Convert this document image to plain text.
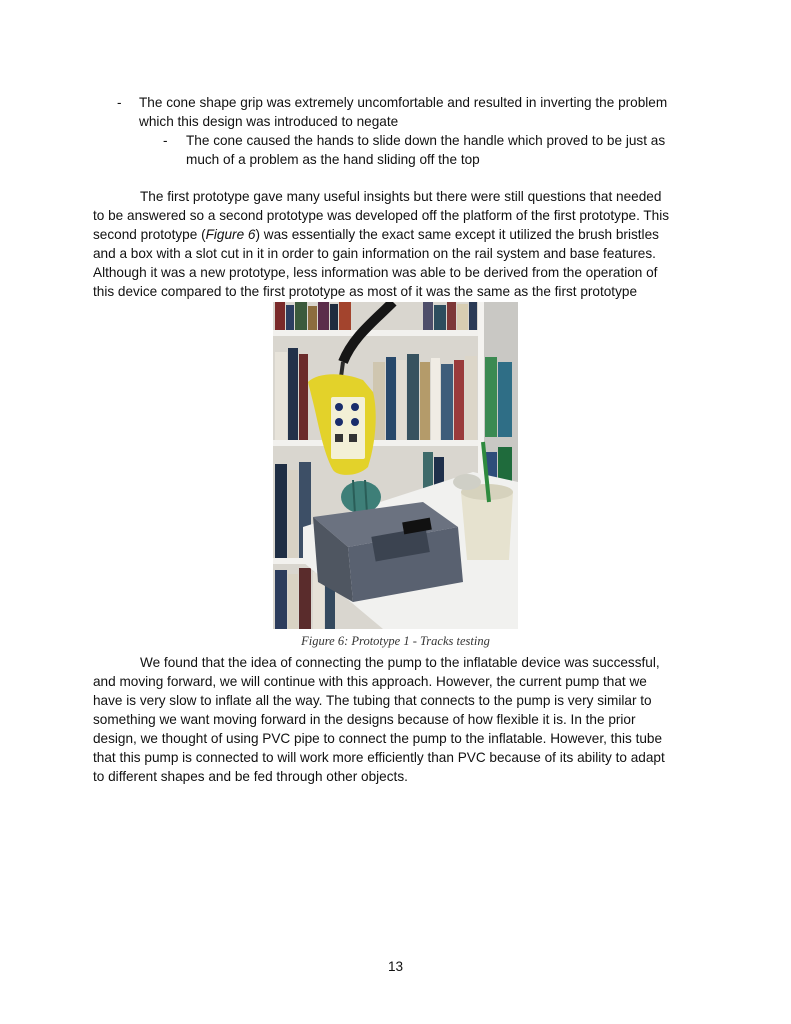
- The cone shape grip was extremely uncomfortable and resulted in inverting the problem
which this design was introduced to negate
- The cone caused the hands to slide down the handle which proved to be just as
much of a problem as the hand sliding off the top
The first prototype gave many useful insights but there were still questions that needed
to be answered so a second prototype was developed off the platform of the first prototype. This
second prototype (Figure 6) was essentially the exact same except it utilized the brush bristles
and a box with a slot cut in it in order to gain information on the rail system and base features.
Although it was a new prototype, less information was able to be derived from the operation of
this device compared to the first prototype as most of it was the same as the first prototype
Figure 6: Prototype 1 - Tracks testing
We found that the idea of connecting the pump to the inflatable device was successful,
and moving forward, we will continue with this approach. However, the current pump that we
have is very slow to inflate all the way. The tubing that connects to the pump is very similar to
something we want moving forward in the designs because of how flexible it is. In the prior
design, we thought of using PVC pipe to connect the pump to the inflatable. However, this tube
that this pump is connected to will work more efficiently than PVC because of its ability to adapt
to different shapes and be fed through other objects.
13
